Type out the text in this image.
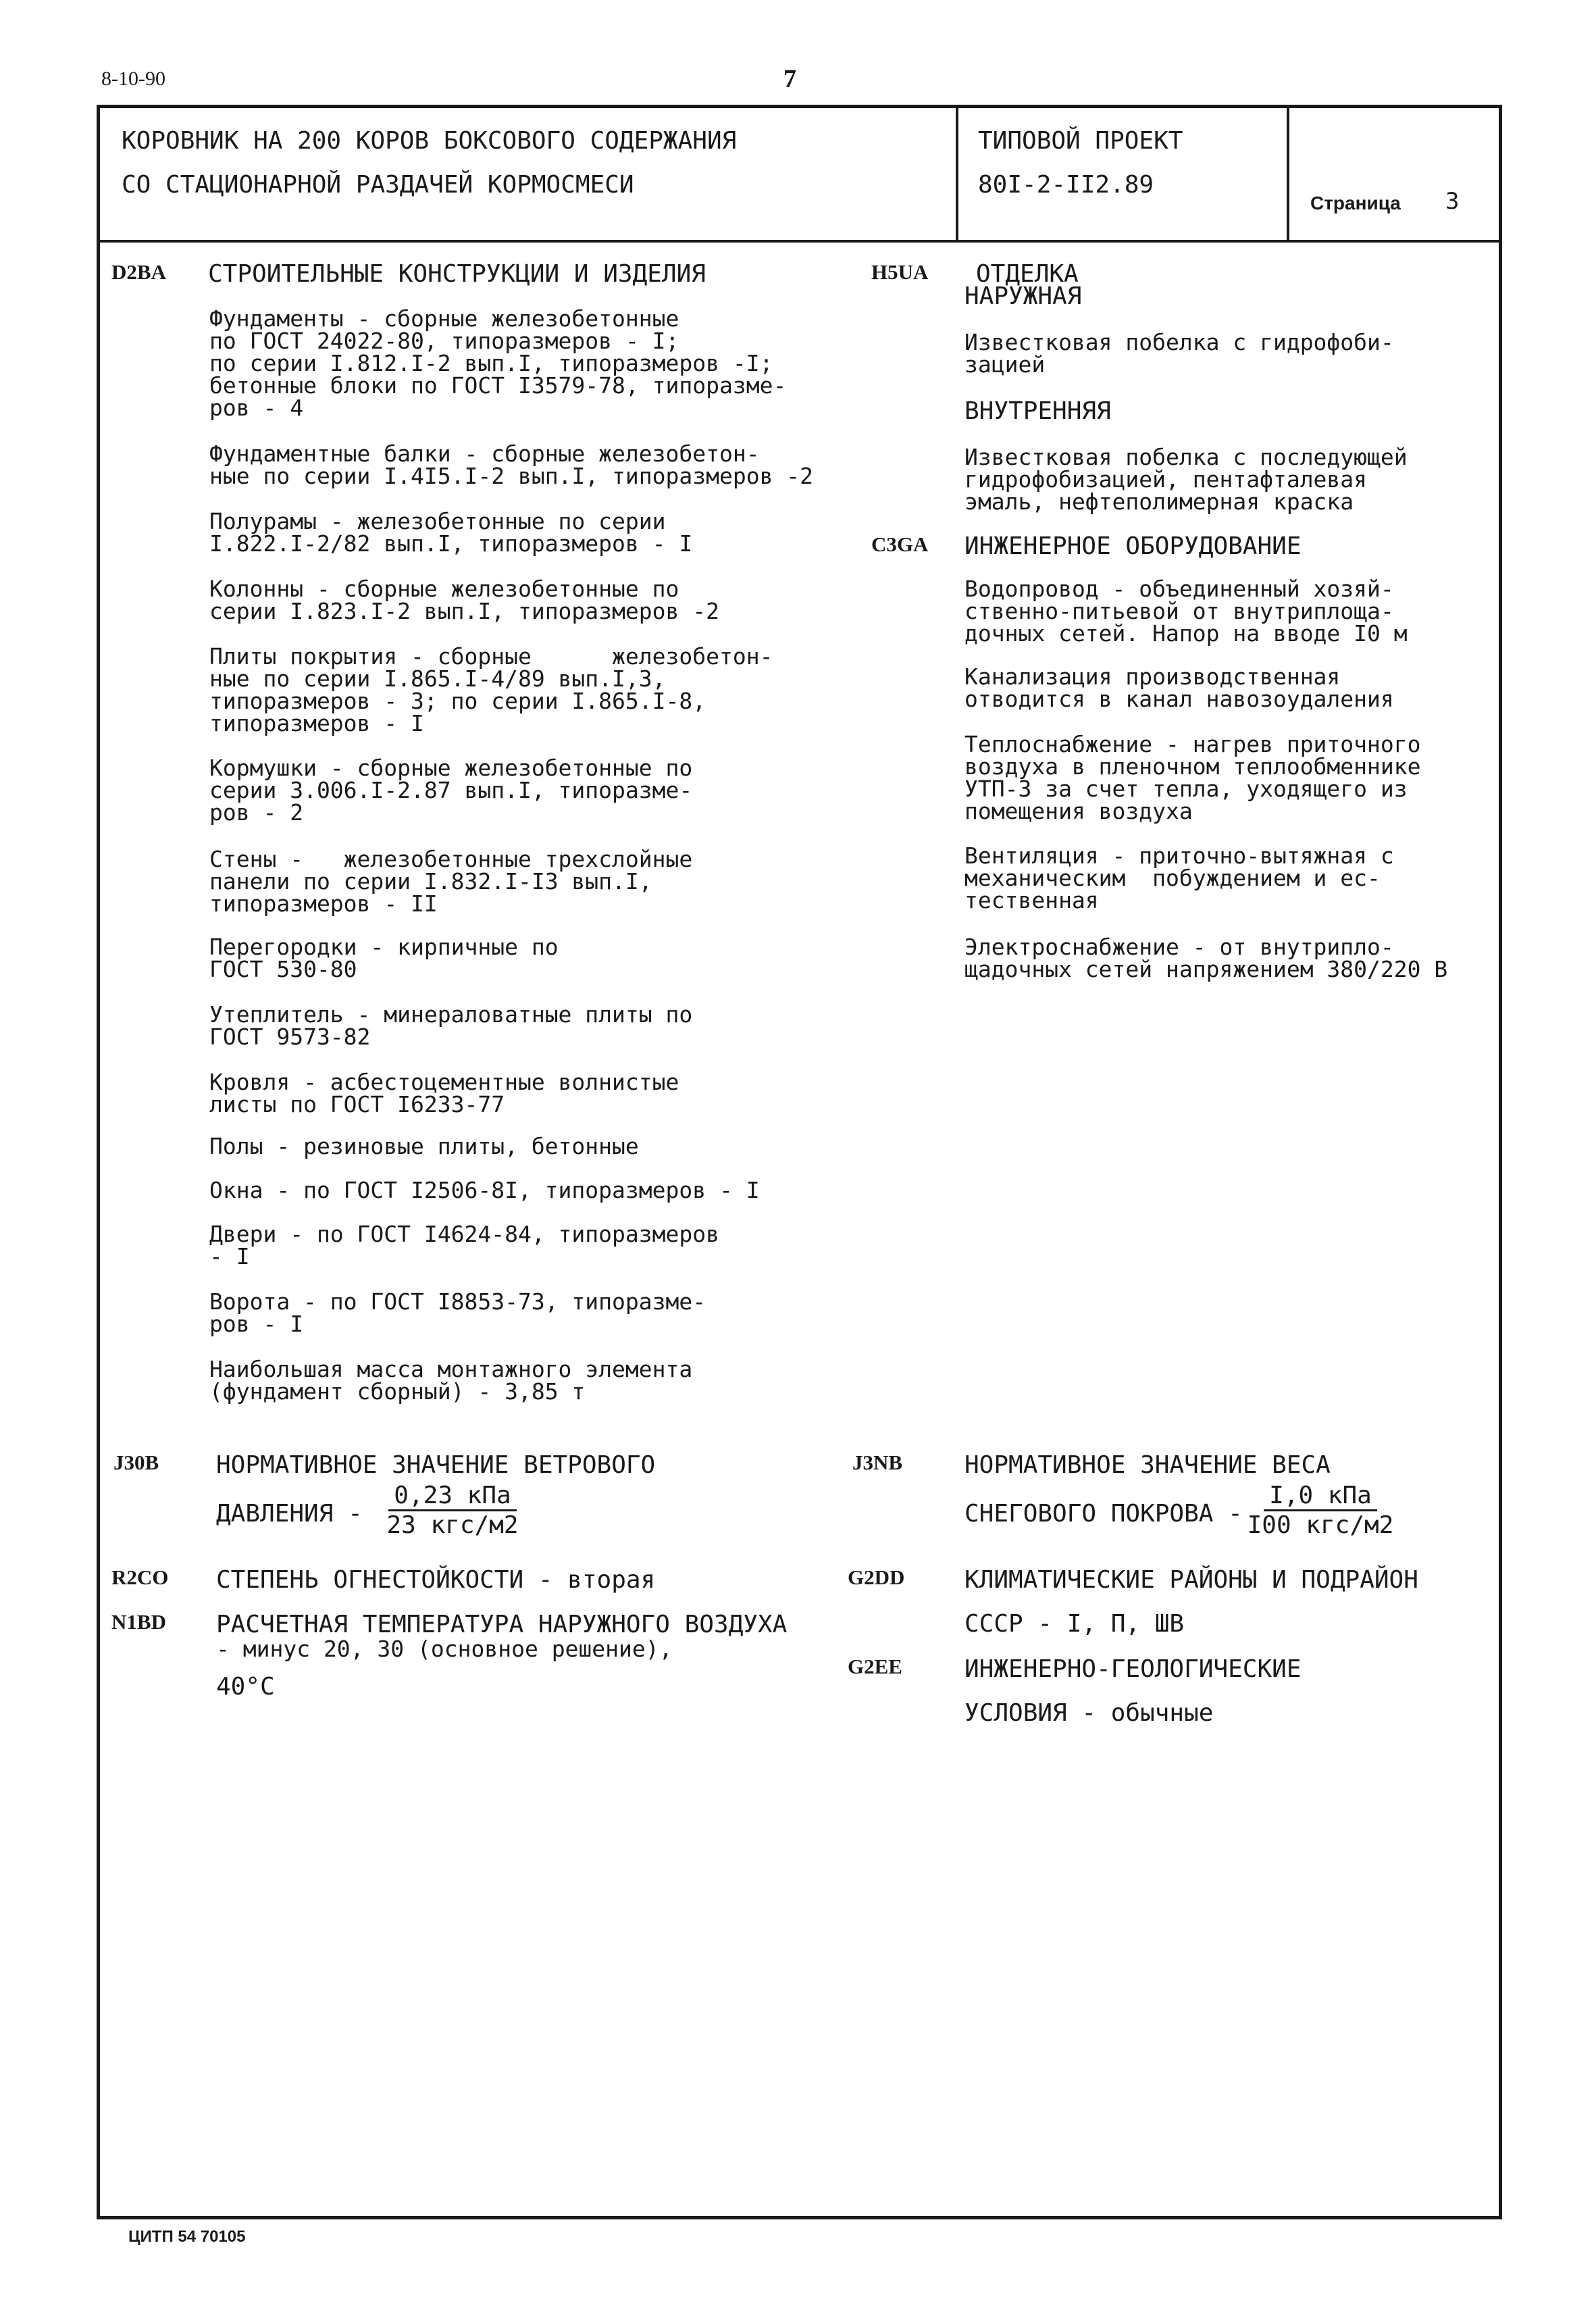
8-10-90	7
КОРОВНИК НА 200 КОРОВ БОКСОВОГО СОДЕРЖАНИЯ
СО СТАЦИОНАРНОЙ РАЗДАЧЕЙ КОРМОСМЕСИ
ТИПОВОЙ ПРОЕКТ
80I-2-II2.89
Страница 3
D2BA СТРОИТЕЛЬНЫЕ КОНСТРУКЦИИ И ИЗДЕЛИЯ

Фундаменты - сборные железобетонные

по ГОСТ 24022-80, типоразмеров - I;

по серии I.812.I-2 вып.I, типоразмеров -I;

бетонные блоки по ГОСТ I3579-78, типоразме-

ров - 4

Фундаментные балки - сборные железобетон-

ные по серии I.4I5.I-2 вып.I, типоразмеров -2

Полурамы - железобетонные по серии

I.822.I-2/82 вып.I, типоразмеров - I

Колонны - сборные железобетонные по

серии I.823.I-2 вып.I, типоразмеров -2

Плиты покрытия - сборные      железобетон-

ные по серии I.865.I-4/89 вып.I,3,

типоразмеров - 3; по серии I.865.I-8,

типоразмеров - I

Кормушки - сборные железобетонные по

серии 3.006.I-2.87 вып.I, типоразме-

ров - 2

Стены -   железобетонные трехслойные

панели по серии I.832.I-I3 вып.I,

типоразмеров - II

Перегородки - кирпичные по

ГОСТ 530-80

Утеплитель - минераловатные плиты по

ГОСТ 9573-82

Кровля - асбестоцементные волнистые

листы по ГОСТ I6233-77

Полы - резиновые плиты, бетонные

Окна - по ГОСТ I2506-8I, типоразмеров - I

Двери - по ГОСТ I4624-84, типоразмеров

- I

Ворота - по ГОСТ I8853-73, типоразме-

ров - I

Наибольшая масса монтажного элемента

(фундамент сборный) - 3,85 т

H5UA ОТДЕЛКА
НАРУЖНАЯ

Известковая побелка с гидрофоби-

зацией

ВНУТРЕННЯЯ

Известковая побелка с последующей

гидрофобизацией, пентафталевая

эмаль, нефтеполимерная краска

C3GA ИНЖЕНЕРНОЕ ОБОРУДОВАНИЕ

Водопровод - объединенный хозяй-

ственно-питьевой от внутриплоща-

дочных сетей. Напор на вводе I0 м

Канализация производственная

отводится в канал навозоудаления

Теплоснабжение - нагрев приточного

воздуха в пленочном теплообменнике

УТП-3 за счет тепла, уходящего из

помещения воздуха

Вентиляция - приточно-вытяжная с

механическим  побуждением и ес-

тественная

Электроснабжение - от внутрипло-

щадочных сетей напряжением 380/220 В

J30B НОРМАТИВНОЕ ЗНАЧЕНИЕ ВЕТРОВОГО
ДАВЛЕНИЯ -
0,23 кПа
23 кгс/м2
J3NB	НОРМАТИВНОЕ ЗНАЧЕНИЕ ВЕСА
СНЕГОВОГО ПОКРОВА -
I,0 кПа
I00 кгс/м2
R2CO СТЕПЕНЬ ОГНЕСТОЙКОСТИ - вторая	G2DD КЛИМАТИЧЕСКИЕ РАЙОНЫ И ПОДРАЙОН
СССР - I, П, ШВ
N1BD РАСЧЕТНАЯ ТЕМПЕРАТУРА НАРУЖНОГО ВОЗДУХА
- минус 20, 30 (основное решение),
40°С
G2EE	ИНЖЕНЕРНО-ГЕОЛОГИЧЕСКИЕ
УСЛОВИЯ - обычные
ЦИТП 54 70105
